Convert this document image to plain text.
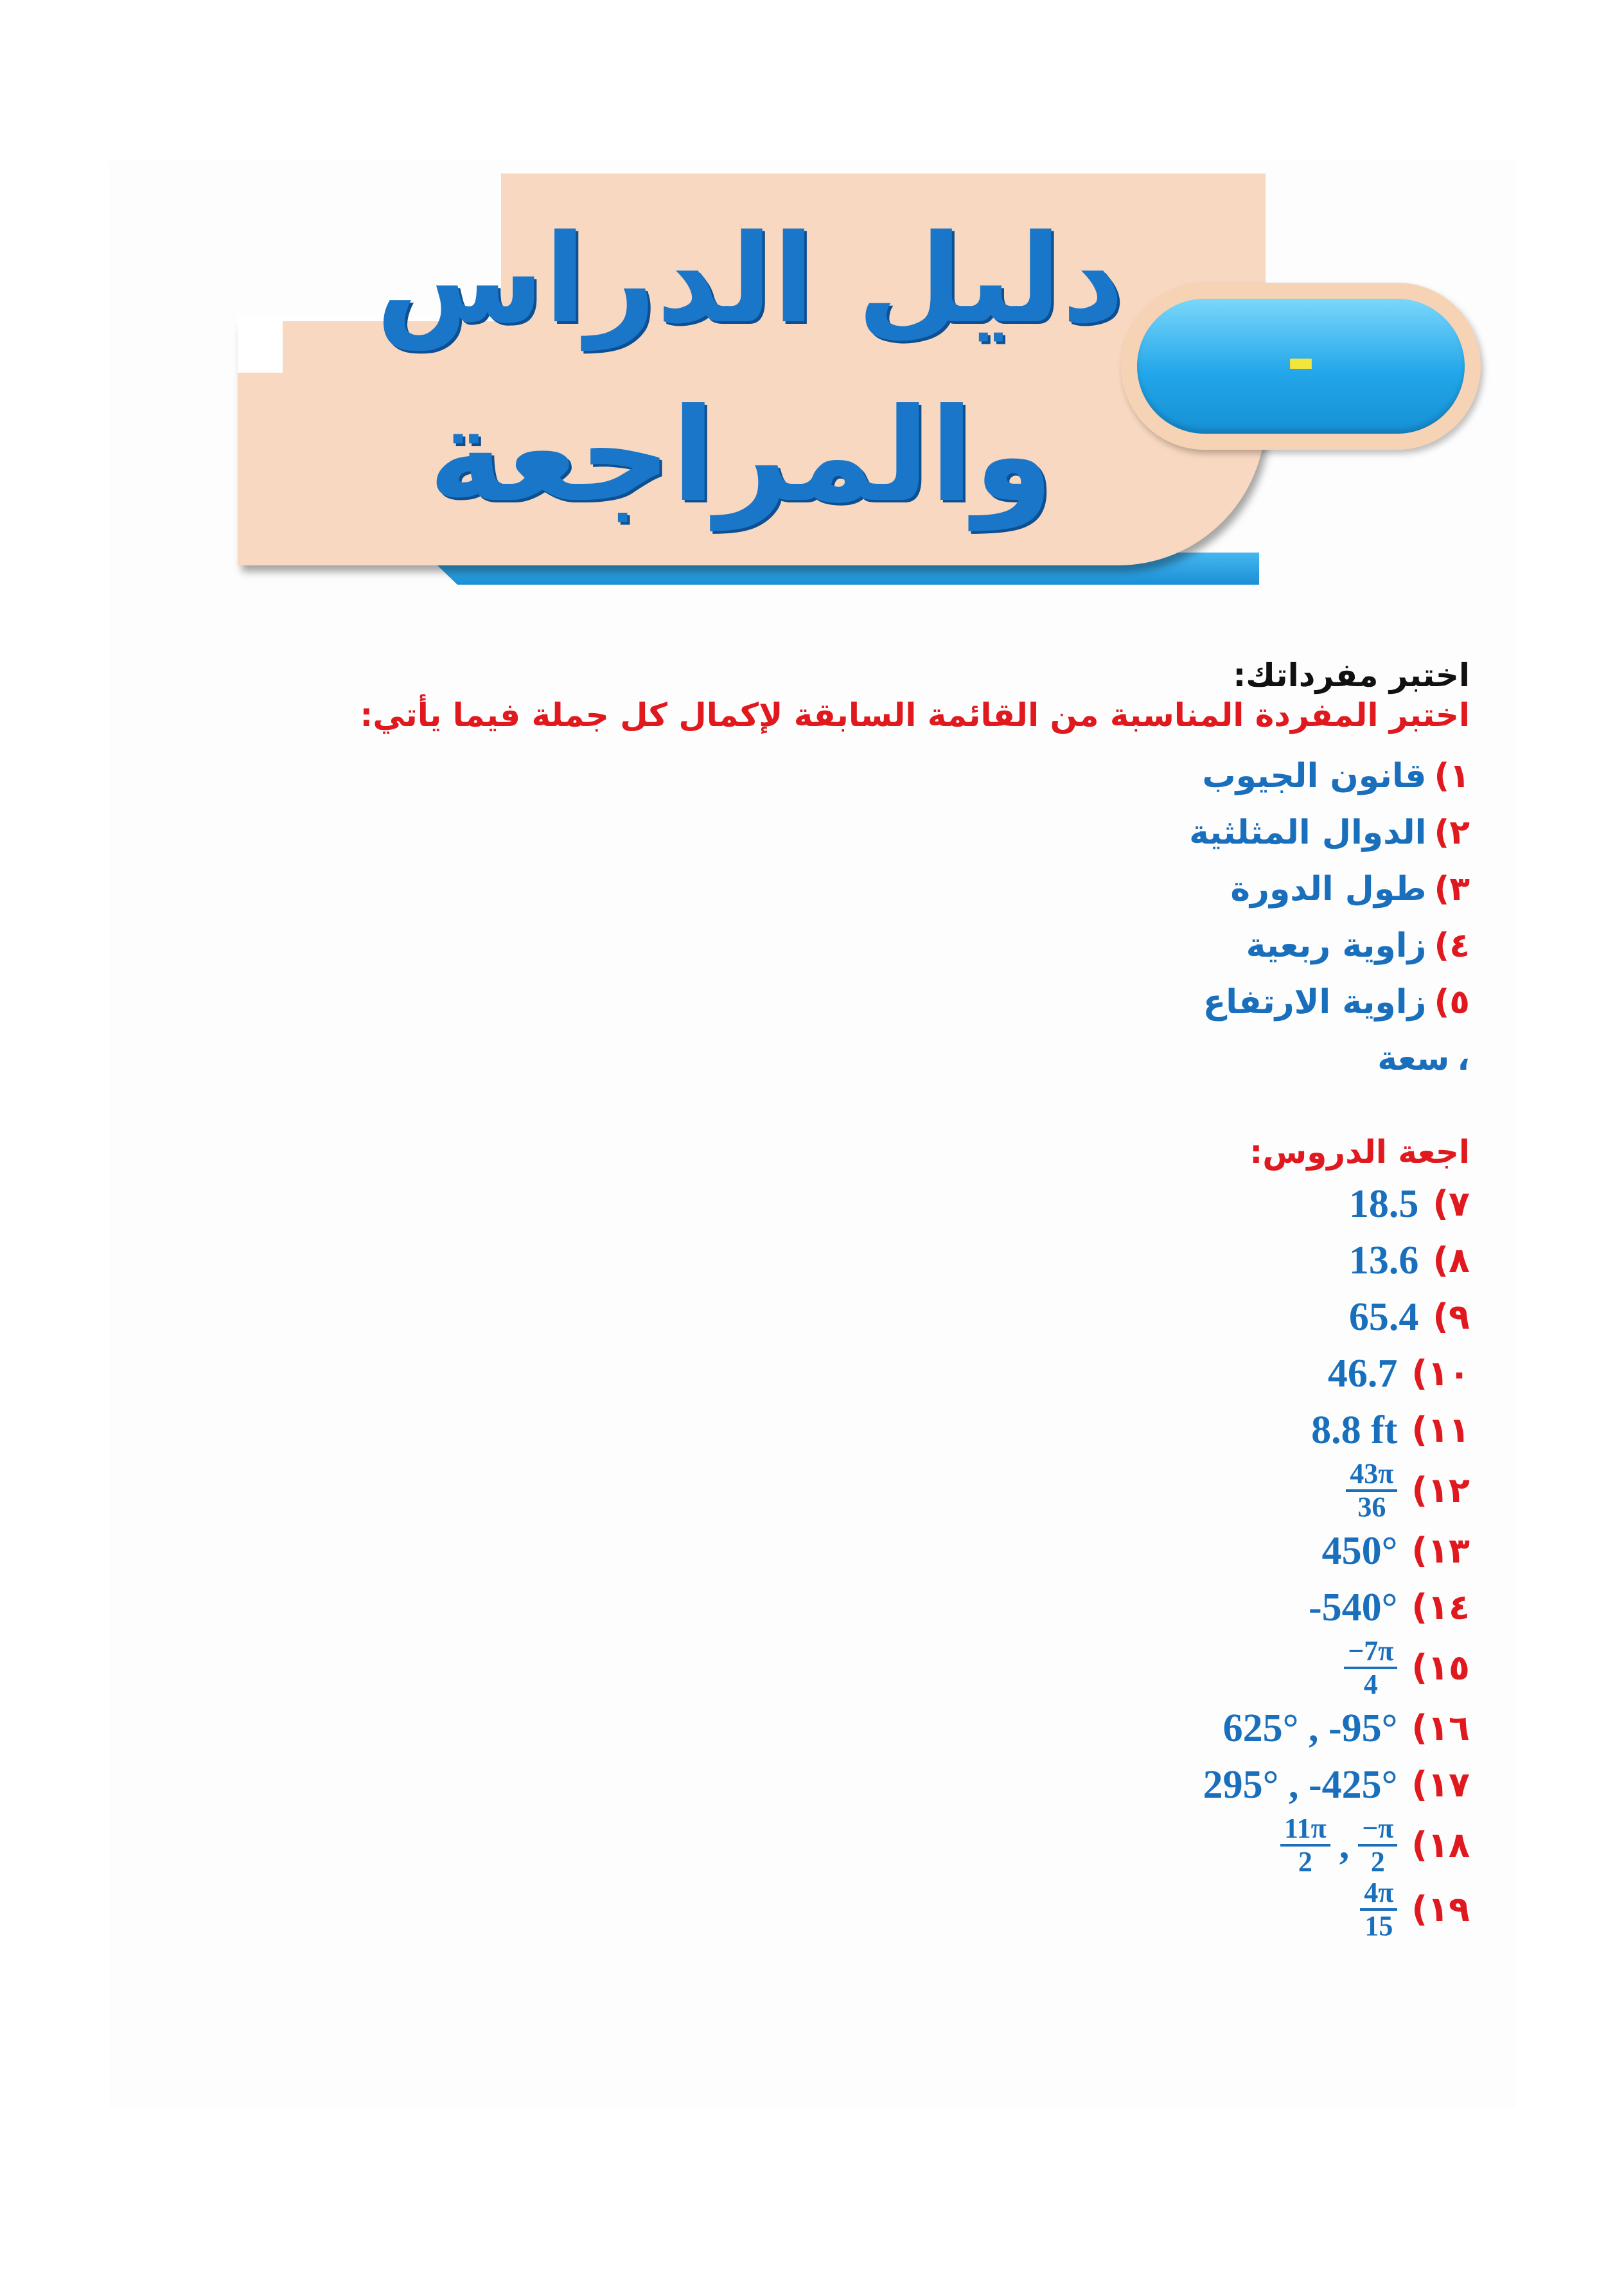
دليل الدراس
والمراجعة
-
اختبر مفرداتك:
اختبر المفردة المناسبة من القائمة السابقة لإكمال كل جملة فيما يأتي:
١)قانون الجيوب
٢)الدوال المثلثية
٣)طول الدورة
٤)زاوية ربعية
٥)زاوية الارتفاع
،سعة
اجعة الدروس:
٧)
18.5
٨)
13.6
٩)
65.4
١٠)
46.7
١١)
8.8 ft
١٢)
$\frac{43\pi}{36}$
١٣)
450°
١٤)
-540°
١٥)
$\frac{-7\pi}{4}$
١٦)
625° , -95°
١٧)
295° , -425°
١٨)
$\frac{11\pi}{2}$ , $\frac{-\pi}{2}$
١٩)
$\frac{4\pi}{15}$
